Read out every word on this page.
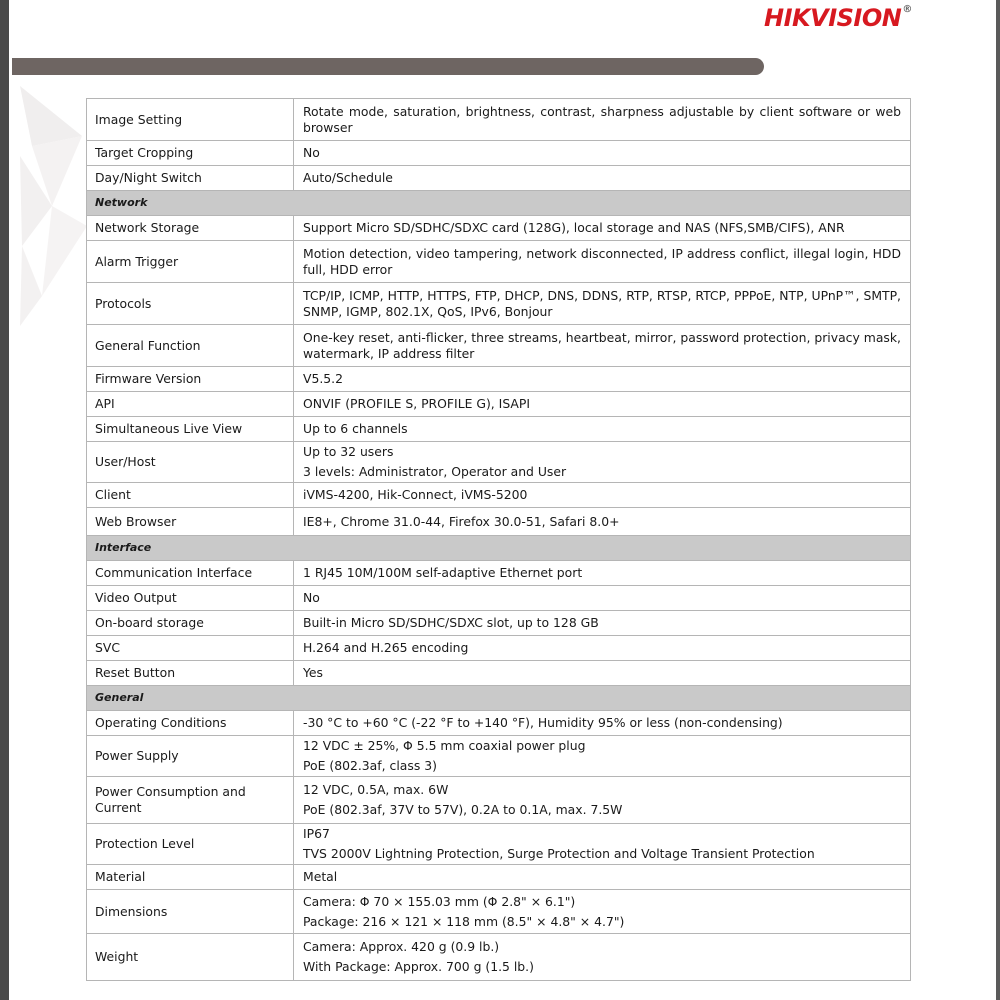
HIKVISION®
Image Setting	Rotate mode, saturation, brightness, contrast, sharpness adjustable by client software or web browser

Target Cropping	No

Day/Night Switch	Auto/Schedule

Network	
Network Storage	Support Micro SD/SDHC/SDXC card (128G), local storage and NAS (NFS,SMB/CIFS), ANR

Alarm Trigger	Motion detection, video tampering, network disconnected, IP address conflict, illegal login, HDD full, HDD error

Protocols	TCP/IP, ICMP, HTTP, HTTPS, FTP, DHCP, DNS, DDNS, RTP, RTSP, RTCP, PPPoE, NTP, UPnP™, SMTP, SNMP, IGMP, 802.1X, QoS, IPv6, Bonjour

General Function	One-key reset, anti-flicker, three streams, heartbeat, mirror, password protection, privacy mask, watermark, IP address filter

Firmware Version	V5.5.2

API	ONVIF (PROFILE S, PROFILE G), ISAPI

Simultaneous Live View	Up to 6 channels

User/Host	Up to 32 users
3 levels: Administrator, Operator and User

Client	iVMS-4200, Hik-Connect, iVMS-5200

Web Browser	IE8+, Chrome 31.0-44, Firefox 30.0-51, Safari 8.0+

Interface	
Communication Interface	1 RJ45 10M/100M self-adaptive Ethernet port

Video Output	No

On-board storage	Built-in Micro SD/SDHC/SDXC slot, up to 128 GB

SVC	H.264 and H.265 encoding

Reset Button	Yes

General	
Operating Conditions	-30 °C to +60 °C (-22 °F to +140 °F), Humidity 95% or less (non-condensing)

Power Supply	12 VDC ± 25%, Φ 5.5 mm coaxial power plug
PoE (802.3af, class 3)

Power Consumption and Current	12 VDC, 0.5A, max. 6W
PoE (802.3af, 37V to 57V), 0.2A to 0.1A, max. 7.5W

Protection Level	IP67
TVS 2000V Lightning Protection, Surge Protection and Voltage Transient Protection

Material	Metal

Dimensions	Camera: Φ 70 × 155.03 mm (Φ 2.8" × 6.1")
Package: 216 × 121 × 118 mm (8.5" × 4.8" × 4.7")

Weight	Camera: Approx. 420 g (0.9 lb.)
With Package: Approx. 700 g (1.5 lb.)
